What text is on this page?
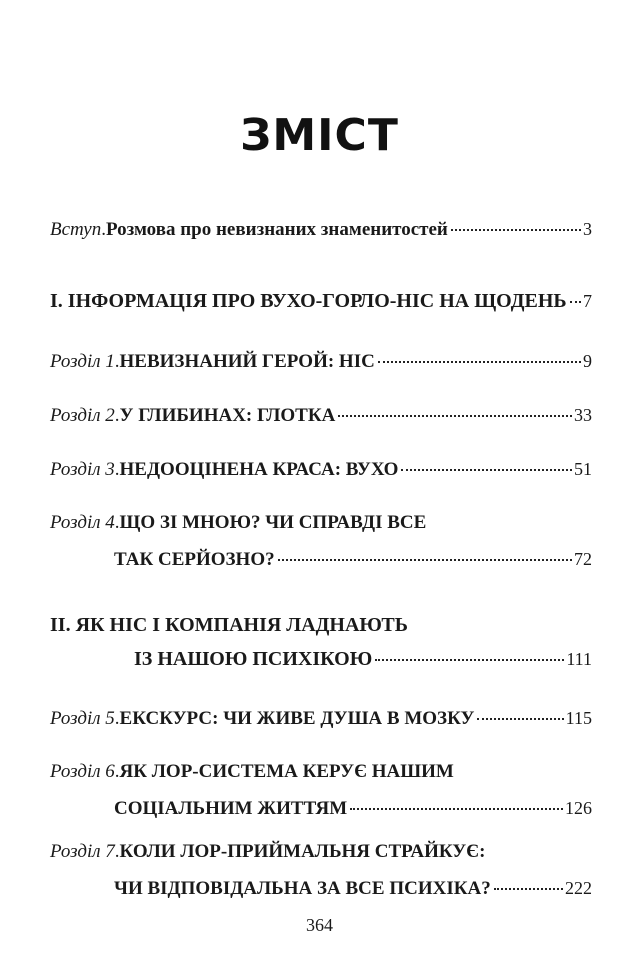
ЗМІСТ
Вступ . Розмова про невизнаних знаменитостей	3
I. ІНФОРМАЦІЯ ПРО ВУХО-ГОРЛО-НІС НА ЩОДЕНЬ 7
Розділ 1 . НЕВИЗНАНИЙ ГЕРОЙ: НІС	9
Розділ 2 . У ГЛИБИНАХ: ГЛОТКА	33
Розділ 3 . НЕДООЦІНЕНА КРАСА: ВУХО	51
Розділ 4 . ЩО ЗІ МНОЮ? ЧИ СПРАВДІ ВСЕ
ТАК СЕРЙОЗНО?	72
II. ЯК НІС І КОМПАНІЯ ЛАДНАЮТЬ
ІЗ НАШОЮ ПСИХІКОЮ	111
Розділ 5 . ЕКСКУРС: ЧИ ЖИВЕ ДУША В МОЗКУ	115
Розділ 6 . ЯК ЛОР-СИСТЕМА КЕРУЄ НАШИМ
СОЦІАЛЬНИМ ЖИТТЯМ	126
Розділ 7 . КОЛИ ЛОР-ПРИЙМАЛЬНЯ СТРАЙКУЄ:
ЧИ ВІДПОВІДАЛЬНА ЗА ВСЕ ПСИХІКА?	222
364
